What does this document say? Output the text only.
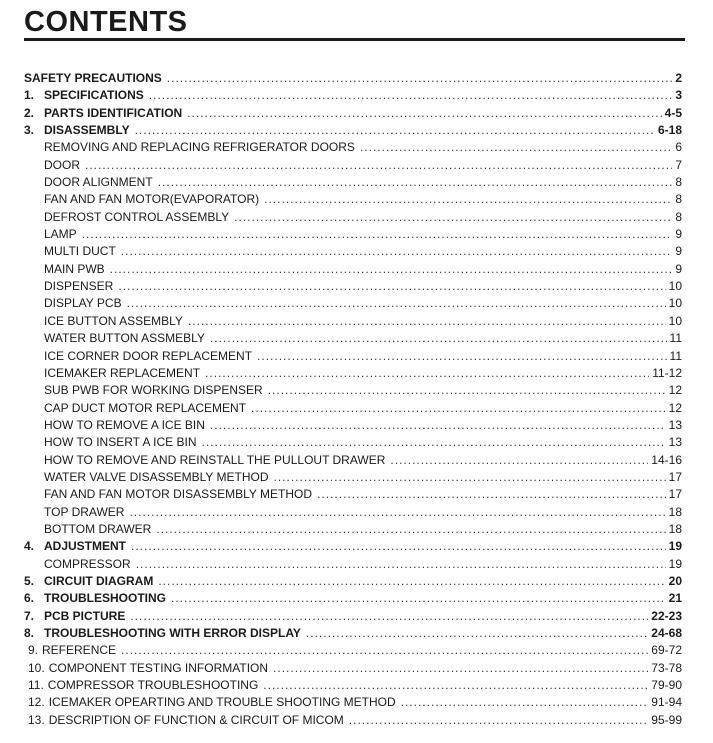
CONTENTS
SAFETY PRECAUTIONS .....	2
1. SPECIFICATIONS .....	3
2. PARTS IDENTIFICATION .....	4-5
3. DISASSEMBLY .....	6-18
REMOVING AND REPLACING REFRIGERATOR DOORS .....	6
DOOR .....	7
DOOR ALIGNMENT .....	8
FAN AND FAN MOTOR(EVAPORATOR) .....	8
DEFROST CONTROL ASSEMBLY .....	8
LAMP .....	9
MULTI DUCT .....	9
MAIN PWB .....	9
DISPENSER .....	10
DISPLAY PCB .....	10
ICE BUTTON ASSEMBLY .....	10
WATER BUTTON ASSMEBLY .....	11
ICE CORNER DOOR REPLACEMENT .....	11
ICEMAKER REPLACEMENT .....	11-12
SUB PWB FOR WORKING DISPENSER .....	12
CAP DUCT MOTOR REPLACEMENT .....	12
HOW TO REMOVE A ICE BIN .....	13
HOW TO INSERT A ICE BIN .....	13
HOW TO REMOVE AND REINSTALL THE PULLOUT DRAWER .....	14-16
WATER VALVE DISASSEMBLY METHOD .....	17
FAN AND FAN MOTOR DISASSEMBLY METHOD .....	17
TOP DRAWER .....	18
BOTTOM DRAWER .....	18
4. ADJUSTMENT .....	19
COMPRESSOR .....	19
5. CIRCUIT DIAGRAM .....	20
6. TROUBLESHOOTING .....	21
7. PCB PICTURE .....	22-23
8. TROUBLESHOOTING WITH ERROR DISPLAY .....	24-68
9. REFERENCE .....	69-72
10. COMPONENT TESTING INFORMATION .....	73-78
11. COMPRESSOR TROUBLESHOOTING .....	79-90
12. ICEMAKER OPEARTING AND TROUBLE SHOOTING METHOD .....	91-94
13. DESCRIPTION OF FUNCTION & CIRCUIT OF MICOM .....	95-99
